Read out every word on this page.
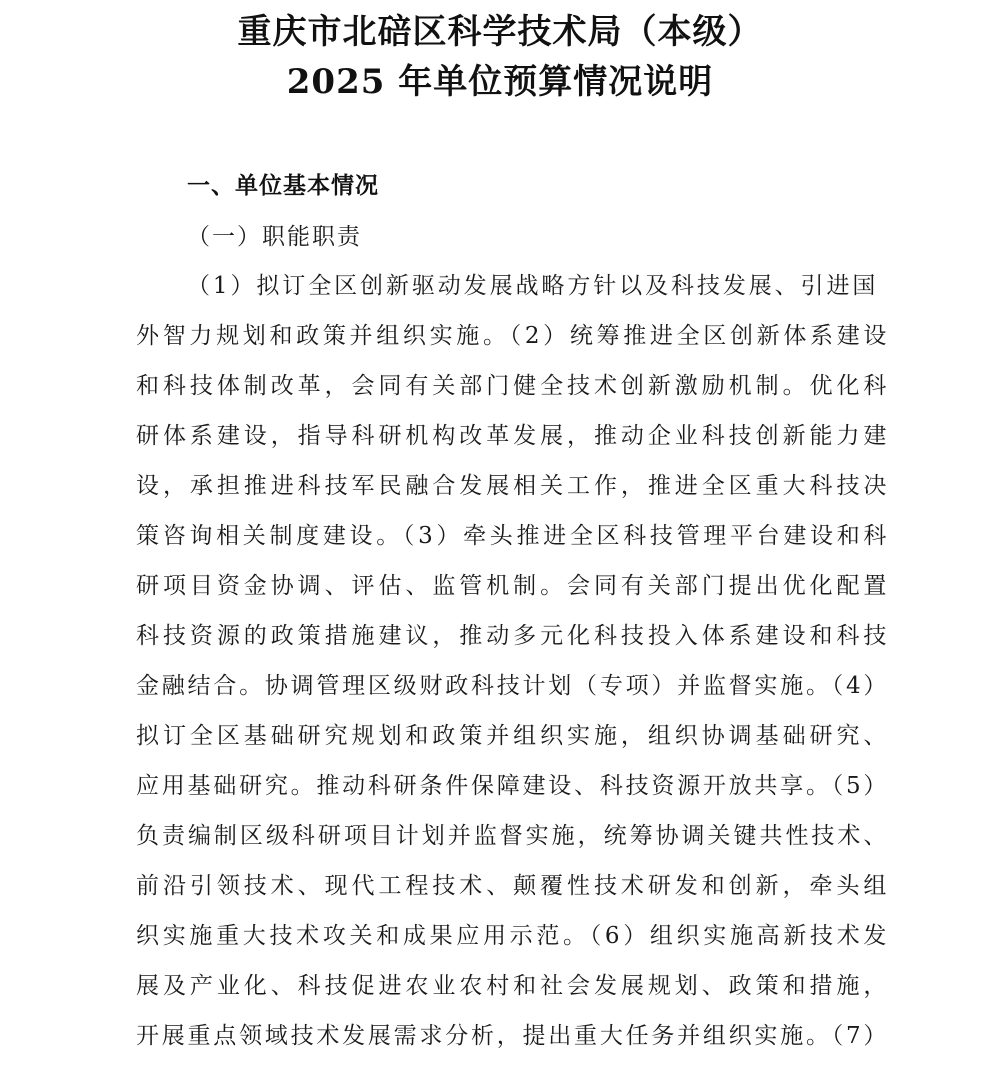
重庆市北碚区科学技术局（本级）
2025 年单位预算情况说明
一、单位基本情况
（一）职能职责
（1）拟订全区创新驱动发展战略方针以及科技发展、引进国
外智力规划和政策并组织实施。（2）统筹推进全区创新体系建设
和科技体制改革，会同有关部门健全技术创新激励机制。优化科
研体系建设，指导科研机构改革发展，推动企业科技创新能力建
设，承担推进科技军民融合发展相关工作，推进全区重大科技决
策咨询相关制度建设。（3）牵头推进全区科技管理平台建设和科
研项目资金协调、评估、监管机制。会同有关部门提出优化配置
科技资源的政策措施建议，推动多元化科技投入体系建设和科技
金融结合。协调管理区级财政科技计划（专项）并监督实施。（4）
拟订全区基础研究规划和政策并组织实施，组织协调基础研究、
应用基础研究。推动科研条件保障建设、科技资源开放共享。（5）
负责编制区级科研项目计划并监督实施，统筹协调关键共性技术、
前沿引领技术、现代工程技术、颠覆性技术研发和创新，牵头组
织实施重大技术攻关和成果应用示范。（6）组织实施高新技术发
展及产业化、科技促进农业农村和社会发展规划、政策和措施，
开展重点领域技术发展需求分析，提出重大任务并组织实施。（7）
